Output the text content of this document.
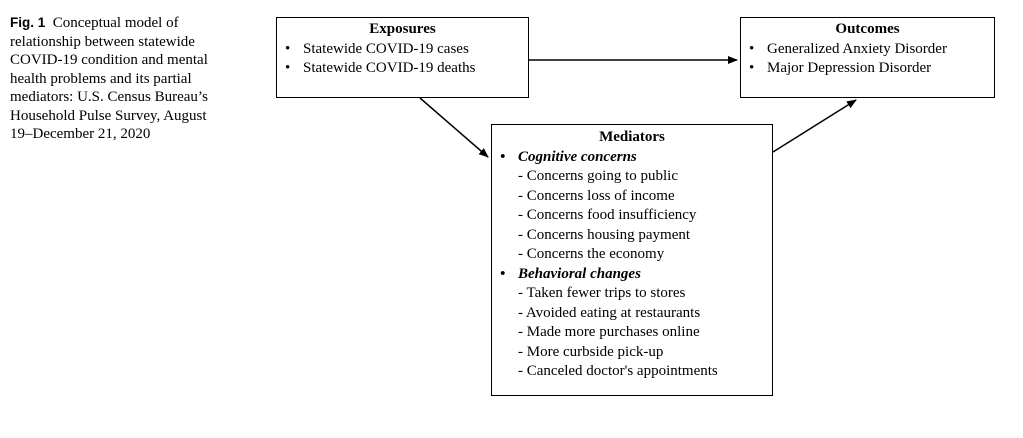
Fig. 1 Conceptual model of relationship between statewide COVID-19 condition and mental health problems and its partial mediators: U.S. Census Bureau’s Household Pulse Survey, August 19–December 21, 2020
Exposures
• Statewide COVID-19 cases
• Statewide COVID-19 deaths
Outcomes
• Generalized Anxiety Disorder
• Major Depression Disorder
Mediators
• Cognitive concerns
- Concerns going to public
- Concerns loss of income
- Concerns food insufficiency
- Concerns housing payment
- Concerns the economy
• Behavioral changes
- Taken fewer trips to stores
- Avoided eating at restaurants
- Made more purchases online
- More curbside pick-up
- Canceled doctor's appointments
